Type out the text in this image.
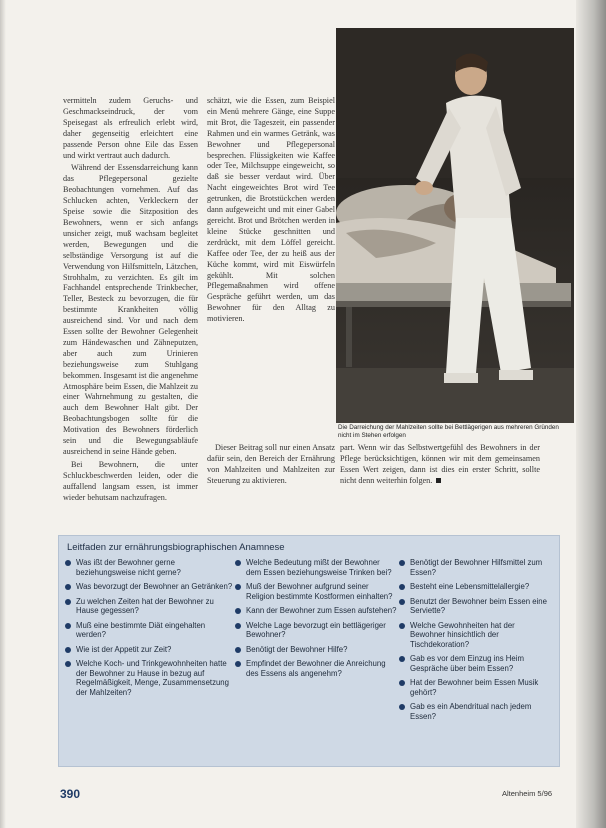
vermitteln zudem Geruchs- und Geschmackseindruck, der vom Speisegast als erfreulich erlebt wird, daher gegenseitig erleichtert eine passende Person ohne Eile das Essen und wirkt vertraut auch dadurch.

Während der Essensdarreichung kann das Pflegepersonal gezielte Beobachtungen vornehmen. Auf das Schlucken achten, Verkleckern der Speise sowie die Sitzposition des Bewohners, wenn er sich anfangs unsicher zeigt, muß wachsam begleitet werden, Bewegungen und die selbständige Versorgung ist auf die Verwendung von Hilfsmitteln, Lätzchen, Strohhalm, zu verzichten. Es gilt im Fachhandel entsprechende Trinkbecher, Teller, Besteck zu bevorzugen, die für bestimmte Krankheiten völlig ausreichend sind. Vor und nach dem Essen sollte der Bewohner Gelegenheit zum Händewaschen und Zähneputzen, aber auch zum Urinieren beziehungsweise zum Stuhlgang bekommen. Insgesamt ist die angenehme Atmosphäre beim Essen, die Mahlzeit zu einer Wahrnehmung zu gestalten, die auch dem Bewohner Halt gibt. Der Beobachtungsbogen sollte für die Motivation des Bewohners förderlich sein und die Bewegungsabläufe ausreichend in seine Hände geben.

Bei Bewohnern, die unter Schluckbeschwerden leiden, oder die auffallend langsam essen, ist immer wieder behutsam nachzufragen.

schätzt, wie die Essen, zum Beispiel ein Menü mehrere Gänge, eine Suppe mit Brot, die Tageszeit, ein passender Rahmen und ein warmes Getränk, was Bewohner und Pflegepersonal besprechen. Flüssigkeiten wie Kaffee oder Tee, Milchsuppe eingeweicht, so daß sie besser verdaut wird. Über Nacht eingeweichtes Brot wird Tee getrunken, die Brotstückchen werden dann aufgeweicht und mit einer Gabel gereicht. Brot und Brötchen werden in kleine Stücke geschnitten und zerdrückt, mit dem Löffel gereicht. Kaffee oder Tee, der zu heiß aus der Küche kommt, wird mit Eiswürfeln gekühlt. Mit solchen Pflegemaßnahmen wird offene Gespräche geführt werden, um das Bewohner für den Alltag zu motivieren.

Dieser Beitrag soll nur einen Ansatz dafür sein, den Bereich der Ernährung von Mahlzeiten und Mahlzeiten zur Steuerung zu aktivieren.

part. Wenn wir das Selbstwertgefühl des Bewohners in der Pflege berücksichtigen, können wir mit dem gemeinsamen Essen Wert zeigen, dann ist dies ein erster Schritt, sollte nicht denn weiterhin folgen.

Die Darreichung der Mahlzeiten sollte bei Bettlägerigen aus mehreren Gründen nicht im Stehen erfolgen
Leitfaden zur ernährungsbiographischen Anamnese
Was ißt der Bewohner gerne beziehungsweise nicht gerne?
Was bevorzugt der Bewohner an Getränken?
Zu welchen Zeiten hat der Bewohner zu Hause gegessen?
Muß eine bestimmte Diät eingehalten werden?
Wie ist der Appetit zur Zeit?
Welche Koch- und Trinkgewohnheiten hatte der Bewohner zu Hause in bezug auf Regelmäßigkeit, Menge, Zusammensetzung der Mahlzeiten?
Welche Bedeutung mißt der Bewohner dem Essen beziehungsweise Trinken bei?
Muß der Bewohner aufgrund seiner Religion bestimmte Kostformen einhalten?
Kann der Bewohner zum Essen aufstehen?
Welche Lage bevorzugt ein bettlägeriger Bewohner?
Benötigt der Bewohner Hilfe?
Empfindet der Bewohner die Anreichung des Essens als angenehm?
Benötigt der Bewohner Hilfsmittel zum Essen?
Besteht eine Lebensmittelallergie?
Benutzt der Bewohner beim Essen eine Serviette?
Welche Gewohnheiten hat der Bewohner hinsichtlich der Tischdekoration?
Gab es vor dem Einzug ins Heim Gespräche über beim Essen?
Hat der Bewohner beim Essen Musik gehört?
Gab es ein Abendritual nach jedem Essen?
390	Altenheim 5/96
